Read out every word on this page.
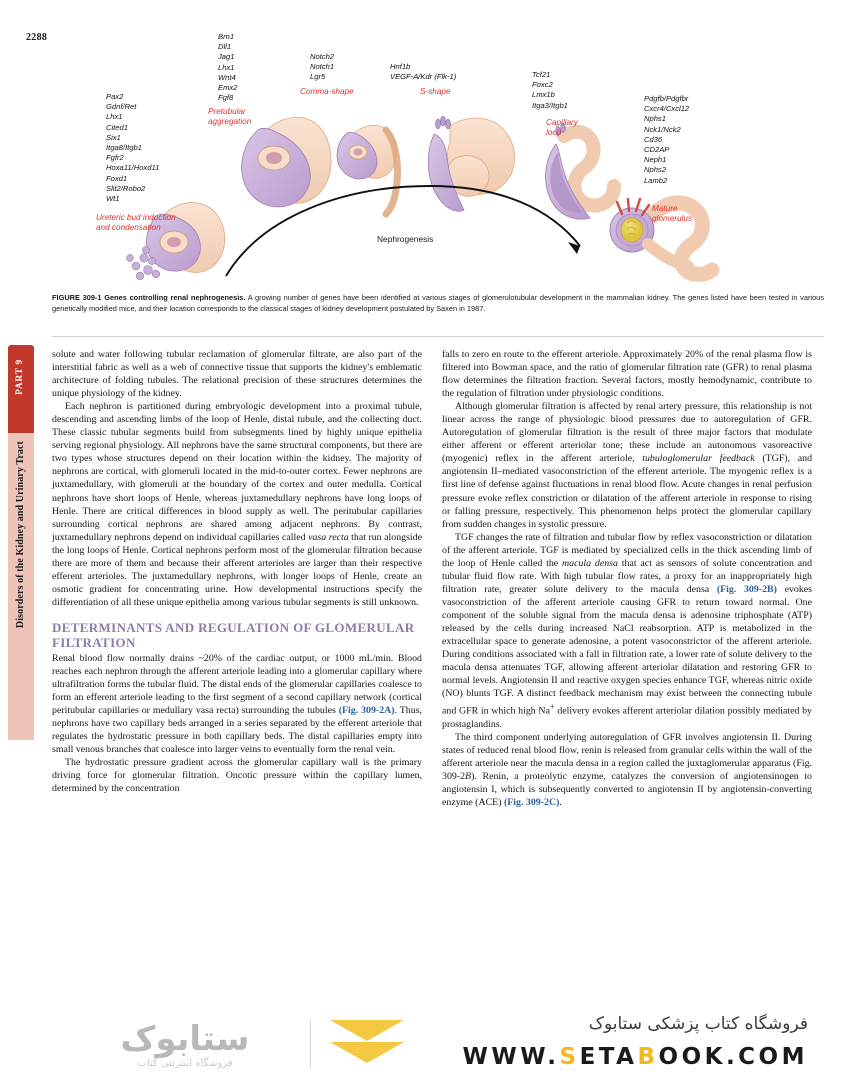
2288
PART 9
Disorders of the Kidney and Urinary Tract
Pax2
Gdnf/Ret
Lhx1
Cited1
Six1
Itga8/Itgb1
Fgfr2
Hoxa11/Hoxd11
Foxd1
Slit2/Robo2
Wt1
Ureteric bud induction
and condensation
Brn1
Dll1
Jag1
Lhx1
Wnt4
Emx2
Fgf8
Pretubular
aggregation
Notch2
Notch1
Lgr5
Comma-shape
Hnf1b
VEGF-A/Kdr (Flk-1)
S-shape
Tcf21
Foxc2
Lmx1b
Itga3/Itgb1
Capillary
loop
Pdgfb/Pdgfbr
Cxcr4/Cxcl12
Nphs1
Nck1/Nck2
Cd36
CD2AP
Neph1
Nphs2
Lamb2
Mature
glomerulus
Nephrogenesis
FIGURE 309-1 Genes controlling renal nephrogenesis. A growing number of genes have been identified at various stages of glomerulotubular development in the mammalian kidney. The genes listed have been tested in various genetically modified mice, and their location corresponds to the classical stages of kidney development postulated by Saxen in 1987.

solute and water following tubular reclamation of glomerular filtrate, are also part of the interstitial fabric as well as a web of connective tissue that supports the kidney's emblematic architecture of folding tubules. The relational precision of these structures determines the unique physiology of the kidney.

Each nephron is partitioned during embryologic development into a proximal tubule, descending and ascending limbs of the loop of Henle, distal tubule, and the collecting duct. These classic tubular segments build from subsegments lined by highly unique epithelia serving regional physiology. All nephrons have the same structural components, but there are two types whose structures depend on their location within the kidney. The majority of nephrons are cortical, with glomeruli located in the mid-to-outer cortex. Fewer nephrons are juxtamedullary, with glomeruli at the boundary of the cortex and outer medulla. Cortical nephrons have short loops of Henle, whereas juxtamedullary nephrons have long loops of Henle. There are critical differences in blood supply as well. The peritubular capillaries surrounding cortical nephrons are shared among adjacent nephrons. By contrast, juxtamedullary nephrons depend on individual capillaries called vasa recta that run alongside the long loops of Henle. Cortical nephrons perform most of the glomerular filtration because there are more of them and because their afferent arterioles are larger than their respective efferent arterioles. The juxtamedullary nephrons, with longer loops of Henle, create an osmotic gradient for concentrating urine. How developmental instructions specify the differentiation of all these unique epithelia among various tubular segments is still unknown.

DETERMINANTS AND REGULATION OF GLOMERULAR FILTRATION

Renal blood flow normally drains ~20% of the cardiac output, or 1000 mL/min. Blood reaches each nephron through the afferent arteriole leading into a glomerular capillary where ultrafiltration forms the tubular fluid. The distal ends of the glomerular capillaries coalesce to form an efferent arteriole leading to the first segment of a second capillary network (cortical peritubular capillaries or medullary vasa recta) surrounding the tubules (Fig. 309-2A). Thus, nephrons have two capillary beds arranged in a series separated by the efferent arteriole that regulates the hydrostatic pressure in both capillary beds. The distal capillaries empty into small venous branches that coalesce into larger veins to eventually form the renal vein.

The hydrostatic pressure gradient across the glomerular capillary wall is the primary driving force for glomerular filtration. Oncotic pressure within the capillary lumen, determined by the concentration

falls to zero en route to the efferent arteriole. Approximately 20% of the renal plasma flow is filtered into Bowman space, and the ratio of glomerular filtration rate (GFR) to renal plasma flow determines the filtration fraction. Several factors, mostly hemodynamic, contribute to the regulation of filtration under physiologic conditions.

Although glomerular filtration is affected by renal artery pressure, this relationship is not linear across the range of physiologic blood pressures due to autoregulation of GFR. Autoregulation of glomerular filtration is the result of three major factors that modulate either afferent or efferent arteriolar tone; these include an autonomous vasoreactive (myogenic) reflex in the afferent arteriole, tubuloglomerular feedback (TGF), and angiotensin II–mediated vasoconstriction of the efferent arteriole. The myogenic reflex is a first line of defense against fluctuations in renal blood flow. Acute changes in renal perfusion pressure evoke reflex constriction or dilatation of the afferent arteriole in response to rising or falling pressure, respectively. This phenomenon helps protect the glomerular capillary from sudden changes in systolic pressure.

TGF changes the rate of filtration and tubular flow by reflex vasoconstriction or dilatation of the afferent arteriole. TGF is mediated by specialized cells in the thick ascending limb of the loop of Henle called the macula densa that act as sensors of solute concentration and tubular fluid flow rate. With high tubular flow rates, a proxy for an inappropriately high filtration rate, greater solute delivery to the macula densa (Fig. 309-2B) evokes vasoconstriction of the afferent arteriole causing GFR to return toward normal. One component of the soluble signal from the macula densa is adenosine triphosphate (ATP) released by the cells during increased NaCl reabsorption. ATP is metabolized in the extracellular space to generate adenosine, a potent vasoconstrictor of the afferent arteriole. During conditions associated with a fall in filtration rate, a lower rate of solute delivery to the macula densa attenuates TGF, allowing afferent arteriolar dilatation and restoring GFR to normal levels. Angiotensin II and reactive oxygen species enhance TGF, whereas nitric oxide (NO) blunts TGF. A distinct feedback mechanism may exist between the connecting tubule and GFR in which high Na+ delivery evokes afferent arteriolar dilation possibly mediated by prostaglandins.

The third component underlying autoregulation of GFR involves angiotensin II. During states of reduced renal blood flow, renin is released from granular cells within the wall of the afferent arteriole near the macula densa in a region called the juxtaglomerular apparatus (Fig. 309-2B). Renin, a proteolytic enzyme, catalyzes the conversion of angiotensinogen to angiotensin I, which is subsequently converted to angiotensin II by angiotensin-converting enzyme (ACE) (Fig. 309-2C).

ستابوک
فروشگاه اینترنتی کتاب
فروشگاه کتاب پزشکی ستابوک
WWW.SETABOOK.COM
